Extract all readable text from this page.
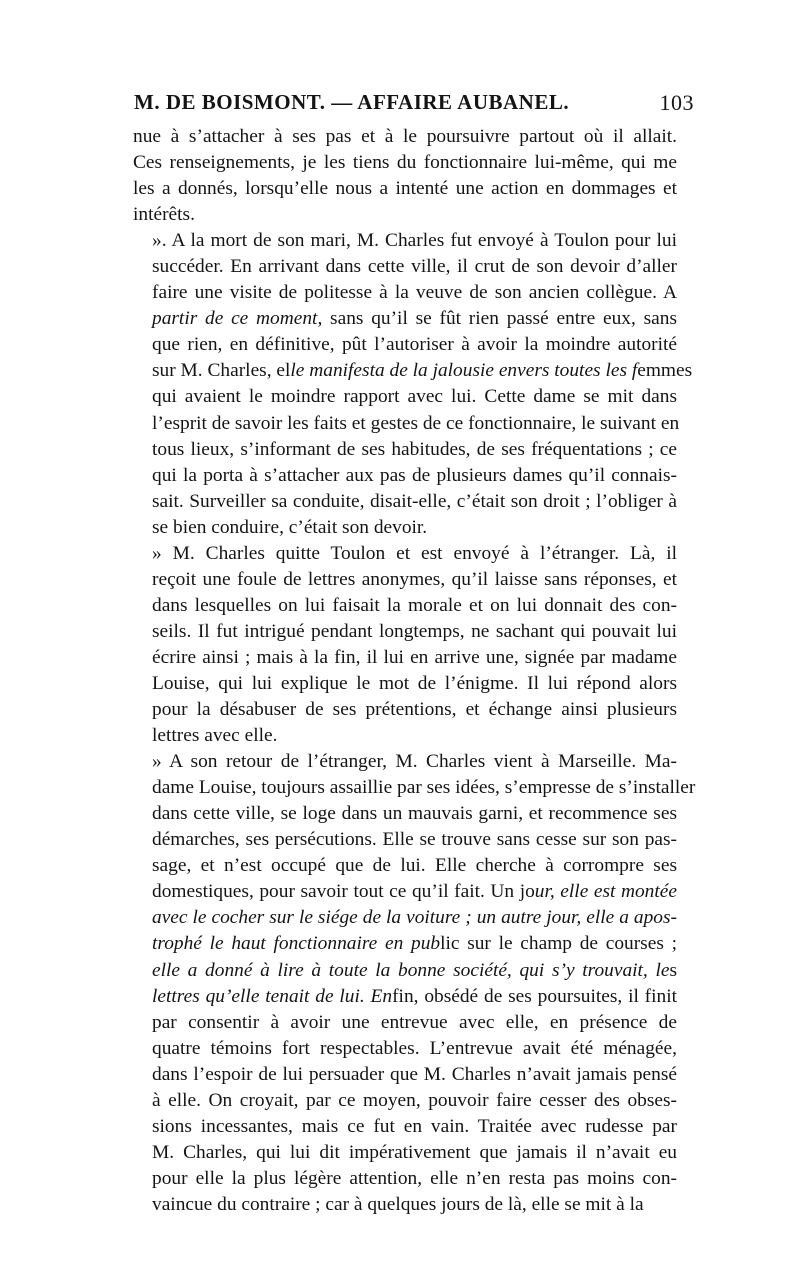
M. DE BOISMONT. — AFFAIRE AUBANEL.	103

nue à s’attacher à ses pas et à le poursuivre partout où il allait.
Ces renseignements, je les tiens du fonctionnaire lui-même, qui me
les a donnés, lorsqu’elle nous a intenté une action en dommages et
intérêts.

». A la mort de son mari, M. Charles fut envoyé à Toulon pour lui
succéder. En arrivant dans cette ville, il crut de son devoir d’aller
faire une visite de politesse à la veuve de son ancien collègue. A
partir de ce moment, sans qu’il se fût rien passé entre eux, sans
que rien, en définitive, pût l’autoriser à avoir la moindre autorité
sur M. Charles, elle manifesta de la jalousie envers toutes les femmes
qui avaient le moindre rapport avec lui. Cette dame se mit dans
l’esprit de savoir les faits et gestes de ce fonctionnaire, le suivant en
tous lieux, s’informant de ses habitudes, de ses fréquentations ; ce
qui la porta à s’attacher aux pas de plusieurs dames qu’il connais-
sait. Surveiller sa conduite, disait-elle, c’était son droit ; l’obliger à
se bien conduire, c’était son devoir.

» M. Charles quitte Toulon et est envoyé à l’étranger. Là, il
reçoit une foule de lettres anonymes, qu’il laisse sans réponses, et
dans lesquelles on lui faisait la morale et on lui donnait des con-
seils. Il fut intrigué pendant longtemps, ne sachant qui pouvait lui
écrire ainsi ; mais à la fin, il lui en arrive une, signée par madame
Louise, qui lui explique le mot de l’énigme. Il lui répond alors
pour la désabuser de ses prétentions, et échange ainsi plusieurs
lettres avec elle.

» A son retour de l’étranger, M. Charles vient à Marseille. Ma-
dame Louise, toujours assaillie par ses idées, s’empresse de s’installer
dans cette ville, se loge dans un mauvais garni, et recommence ses
démarches, ses persécutions. Elle se trouve sans cesse sur son pas-
sage, et n’est occupé que de lui. Elle cherche à corrompre ses
domestiques, pour savoir tout ce qu’il fait. Un jour, elle est montée
avec le cocher sur le siége de la voiture ; un autre jour, elle a apos-
trophé le haut fonctionnaire en public sur le champ de courses ;
elle a donné à lire à toute la bonne société, qui s’y trouvait, les
lettres qu’elle tenait de lui. Enfin, obsédé de ses poursuites, il finit
par consentir à avoir une entrevue avec elle, en présence de
quatre témoins fort respectables. L’entrevue avait été ménagée,
dans l’espoir de lui persuader que M. Charles n’avait jamais pensé
à elle. On croyait, par ce moyen, pouvoir faire cesser des obses-
sions incessantes, mais ce fut en vain. Traitée avec rudesse par
M. Charles, qui lui dit impérativement que jamais il n’avait eu
pour elle la plus légère attention, elle n’en resta pas moins con-
vaincue du contraire ; car à quelques jours de là, elle se mit à la
